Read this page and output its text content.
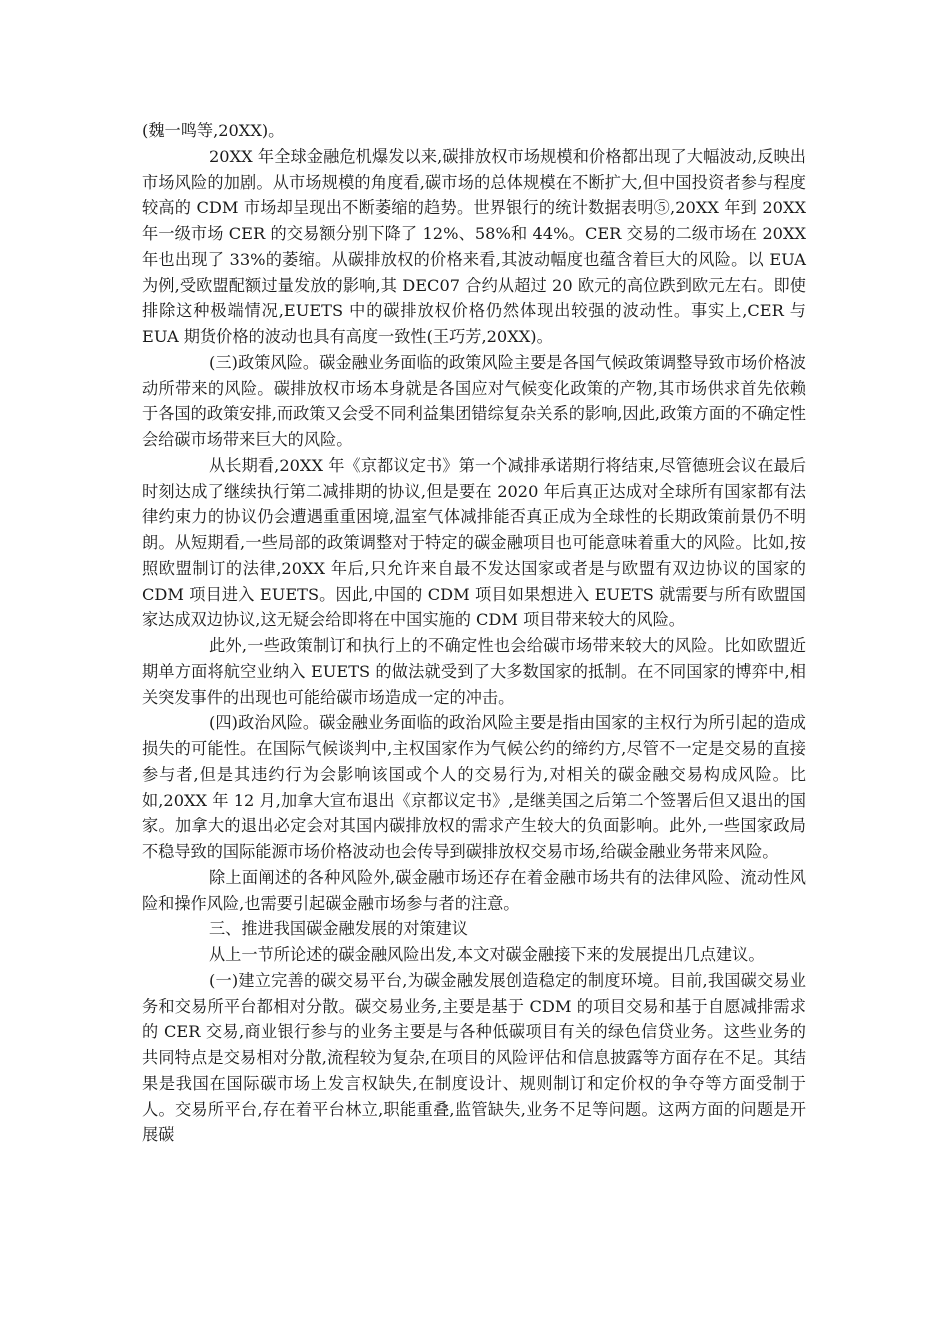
(魏一鸣等,20XX)。

20XX 年全球金融危机爆发以来,碳排放权市场规模和价格都出现了大幅波动,反映出市场风险的加剧。从市场规模的角度看,碳市场的总体规模在不断扩大,但中国投资者参与程度较高的 CDM 市场却呈现出不断萎缩的趋势。世界银行的统计数据表明⑤,20XX 年到 20XX 年一级市场 CER 的交易额分别下降了 12%、58%和 44%。CER 交易的二级市场在 20XX 年也出现了 33%的萎缩。从碳排放权的价格来看,其波动幅度也蕴含着巨大的风险。以 EUA 为例,受欧盟配额过量发放的影响,其 DEC07 合约从超过 20 欧元的高位跌到欧元左右。即使排除这种极端情况,EUETS 中的碳排放权价格仍然体现出较强的波动性。事实上,CER 与 EUA 期货价格的波动也具有高度一致性(王巧芳,20XX)。

(三)政策风险。碳金融业务面临的政策风险主要是各国气候政策调整导致市场价格波动所带来的风险。碳排放权市场本身就是各国应对气候变化政策的产物,其市场供求首先依赖于各国的政策安排,而政策又会受不同利益集团错综复杂关系的影响,因此,政策方面的不确定性会给碳市场带来巨大的风险。

从长期看,20XX 年《京都议定书》第一个减排承诺期行将结束,尽管德班会议在最后时刻达成了继续执行第二减排期的协议,但是要在 2020 年后真正达成对全球所有国家都有法律约束力的协议仍会遭遇重重困境,温室气体减排能否真正成为全球性的长期政策前景仍不明朗。从短期看,一些局部的政策调整对于特定的碳金融项目也可能意味着重大的风险。比如,按照欧盟制订的法律,20XX 年后,只允许来自最不发达国家或者是与欧盟有双边协议的国家的 CDM 项目进入 EUETS。因此,中国的 CDM 项目如果想进入 EUETS 就需要与所有欧盟国家达成双边协议,这无疑会给即将在中国实施的 CDM 项目带来较大的风险。

此外,一些政策制订和执行上的不确定性也会给碳市场带来较大的风险。比如欧盟近期单方面将航空业纳入 EUETS 的做法就受到了大多数国家的抵制。在不同国家的博弈中,相关突发事件的出现也可能给碳市场造成一定的冲击。

(四)政治风险。碳金融业务面临的政治风险主要是指由国家的主权行为所引起的造成损失的可能性。在国际气候谈判中,主权国家作为气候公约的缔约方,尽管不一定是交易的直接参与者,但是其违约行为会影响该国或个人的交易行为,对相关的碳金融交易构成风险。比如,20XX 年 12 月,加拿大宣布退出《京都议定书》,是继美国之后第二个签署后但又退出的国家。加拿大的退出必定会对其国内碳排放权的需求产生较大的负面影响。此外,一些国家政局不稳导致的国际能源市场价格波动也会传导到碳排放权交易市场,给碳金融业务带来风险。

除上面阐述的各种风险外,碳金融市场还存在着金融市场共有的法律风险、流动性风险和操作风险,也需要引起碳金融市场参与者的注意。

三、推进我国碳金融发展的对策建议

从上一节所论述的碳金融风险出发,本文对碳金融接下来的发展提出几点建议。

(一)建立完善的碳交易平台,为碳金融发展创造稳定的制度环境。目前,我国碳交易业务和交易所平台都相对分散。碳交易业务,主要是基于 CDM 的项目交易和基于自愿减排需求的 CER 交易,商业银行参与的业务主要是与各种低碳项目有关的绿色信贷业务。这些业务的共同特点是交易相对分散,流程较为复杂,在项目的风险评估和信息披露等方面存在不足。其结果是我国在国际碳市场上发言权缺失,在制度设计、规则制订和定价权的争夺等方面受制于人。交易所平台,存在着平台林立,职能重叠,监管缺失,业务不足等问题。这两方面的问题是开展碳
